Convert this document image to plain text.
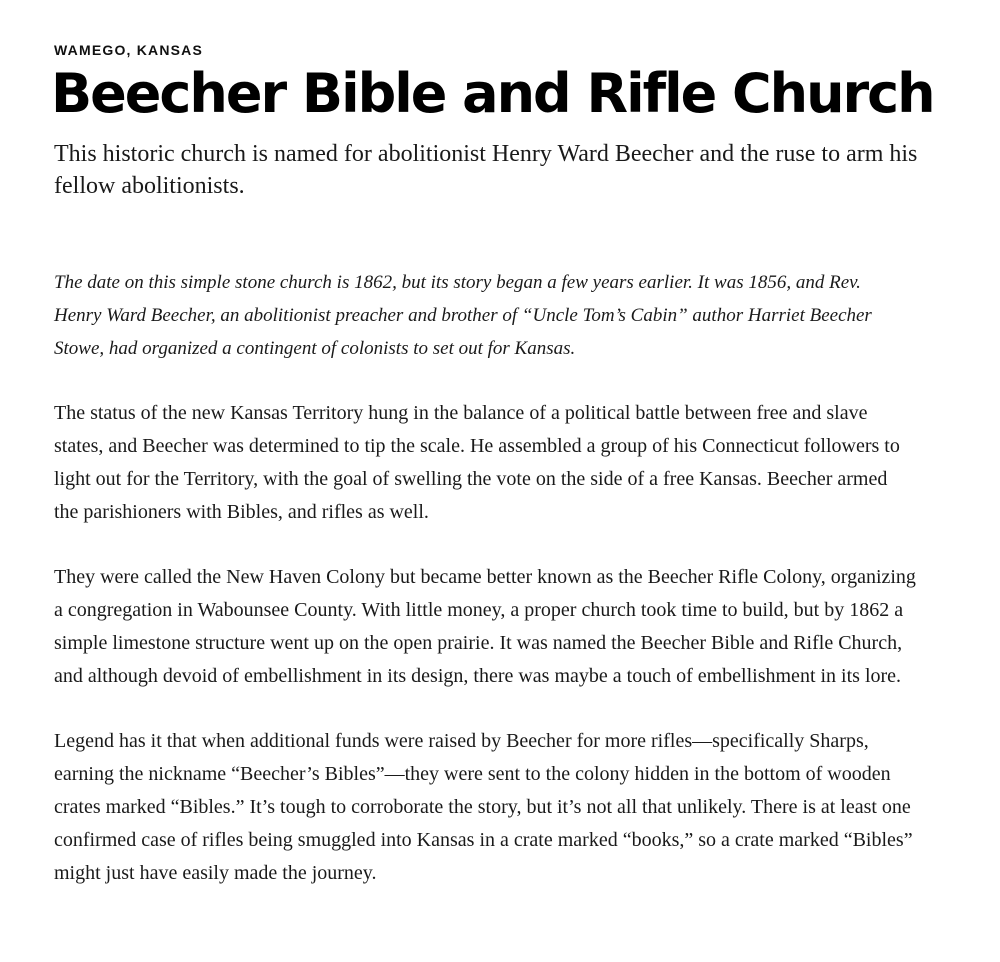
WAMEGO, KANSAS

Beecher Bible and Rifle Church

This historic church is named for abolitionist Henry Ward Beecher and the ruse to arm his fellow abolitionists.

The date on this simple stone church is 1862, but its story began a few years earlier. It was 1856, and Rev. Henry Ward Beecher, an abolitionist preacher and brother of “Uncle Tom’s Cabin” author Harriet Beecher Stowe, had organized a contingent of colonists to set out for Kansas.

The status of the new Kansas Territory hung in the balance of a political battle between free and slave states, and Beecher was determined to tip the scale. He assembled a group of his Connecticut followers to light out for the Territory, with the goal of swelling the vote on the side of a free Kansas. Beecher armed the parishioners with Bibles, and rifles as well.

They were called the New Haven Colony but became better known as the Beecher Rifle Colony, organizing a congregation in Wabounsee County. With little money, a proper church took time to build, but by 1862 a simple limestone structure went up on the open prairie. It was named the Beecher Bible and Rifle Church, and although devoid of embellishment in its design, there was maybe a touch of embellishment in its lore.

Legend has it that when additional funds were raised by Beecher for more rifles—specifically Sharps, earning the nickname “Beecher’s Bibles”—they were sent to the colony hidden in the bottom of wooden crates marked “Bibles.” It’s tough to corroborate the story, but it’s not all that unlikely. There is at least one confirmed case of rifles being smuggled into Kansas in a crate marked “books,” so a crate marked “Bibles” might just have easily made the journey.
